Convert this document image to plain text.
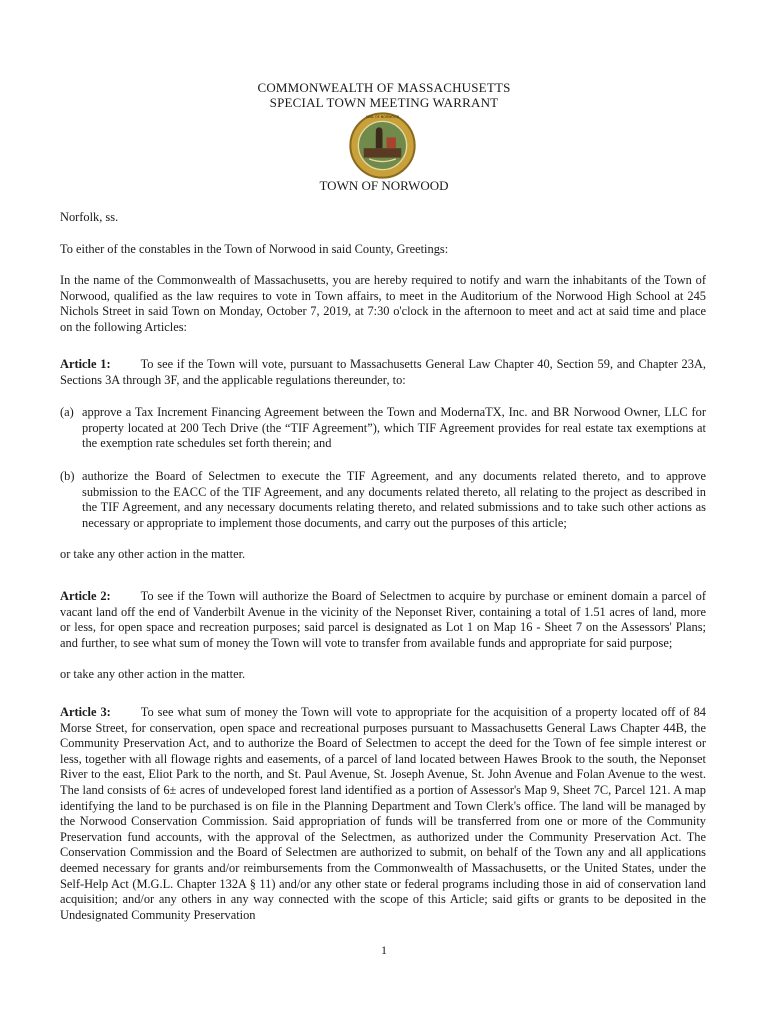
COMMONWEALTH OF MASSACHUSETTS
SPECIAL TOWN MEETING WARRANT
SEAL OF NORWOOD
TOWN OF NORWOOD
Norfolk, ss.
To either of the constables in the Town of Norwood in said County, Greetings:
In the name of the Commonwealth of Massachusetts, you are hereby required to notify and warn the inhabitants of the Town of Norwood, qualified as the law requires to vote in Town affairs, to meet in the Auditorium of the Norwood High School at 245 Nichols Street in said Town on Monday, October 7, 2019, at 7:30 o'clock in the afternoon to meet and act at said time and place on the following Articles:
Article 1: To see if the Town will vote, pursuant to Massachusetts General Law Chapter 40, Section 59, and Chapter 23A, Sections 3A through 3F, and the applicable regulations thereunder, to:
(a) approve a Tax Increment Financing Agreement between the Town and ModernaTX, Inc. and BR Norwood Owner, LLC for property located at 200 Tech Drive (the “TIF Agreement”), which TIF Agreement provides for real estate tax exemptions at the exemption rate schedules set forth therein; and
(b) authorize the Board of Selectmen to execute the TIF Agreement, and any documents related thereto, and to approve submission to the EACC of the TIF Agreement, and any documents related thereto, all relating to the project as described in the TIF Agreement, and any necessary documents relating thereto, and related submissions and to take such other actions as necessary or appropriate to implement those documents, and carry out the purposes of this article;
or take any other action in the matter.
Article 2: To see if the Town will authorize the Board of Selectmen to acquire by purchase or eminent domain a parcel of vacant land off the end of Vanderbilt Avenue in the vicinity of the Neponset River, containing a total of 1.51 acres of land, more or less, for open space and recreation purposes; said parcel is designated as Lot 1 on Map 16 - Sheet 7 on the Assessors' Plans; and further, to see what sum of money the Town will vote to transfer from available funds and appropriate for said purpose;
or take any other action in the matter.
Article 3: To see what sum of money the Town will vote to appropriate for the acquisition of a property located off of 84 Morse Street, for conservation, open space and recreational purposes pursuant to Massachusetts General Laws Chapter 44B, the Community Preservation Act, and to authorize the Board of Selectmen to accept the deed for the Town of fee simple interest or less, together with all flowage rights and easements, of a parcel of land located between Hawes Brook to the south, the Neponset River to the east, Eliot Park to the north, and St. Paul Avenue, St. Joseph Avenue, St. John Avenue and Folan Avenue to the west. The land consists of 6± acres of undeveloped forest land identified as a portion of Assessor's Map 9, Sheet 7C, Parcel 121. A map identifying the land to be purchased is on file in the Planning Department and Town Clerk's office. The land will be managed by the Norwood Conservation Commission. Said appropriation of funds will be transferred from one or more of the Community Preservation fund accounts, with the approval of the Selectmen, as authorized under the Community Preservation Act. The Conservation Commission and the Board of Selectmen are authorized to submit, on behalf of the Town any and all applications deemed necessary for grants and/or reimbursements from the Commonwealth of Massachusetts, or the United States, under the Self-Help Act (M.G.L. Chapter 132A § 11) and/or any other state or federal programs including those in aid of conservation land acquisition; and/or any others in any way connected with the scope of this Article; said gifts or grants to be deposited in the Undesignated Community Preservation
1
